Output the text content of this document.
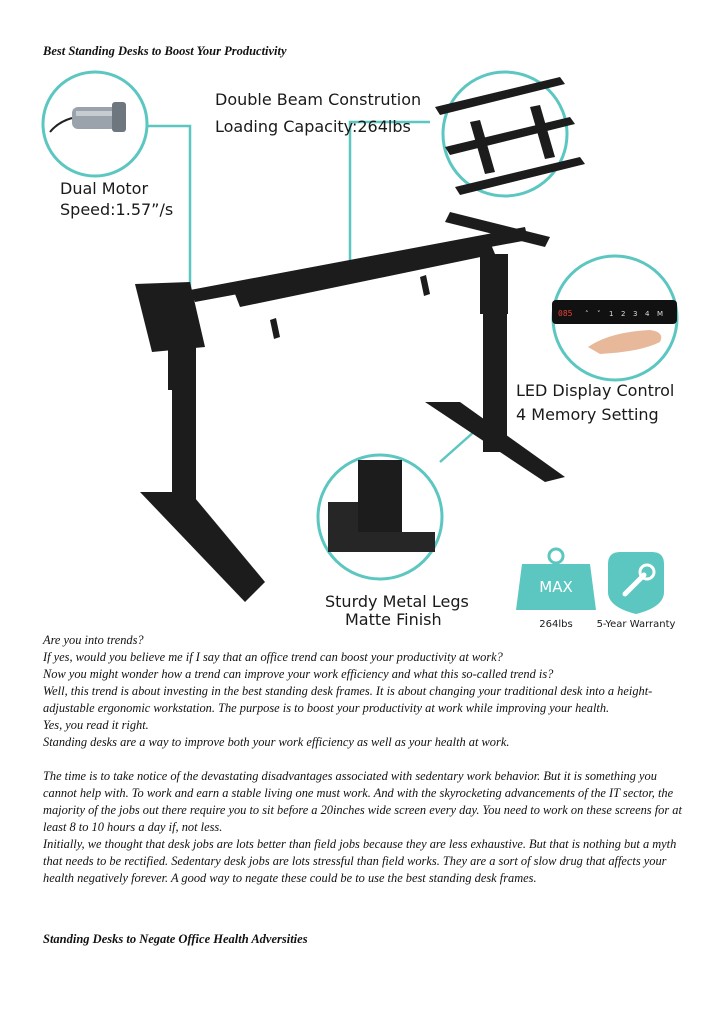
Best Standing Desks to Boost Your Productivity
085 ˄ ˅ 1 2 3 4 M
Double Beam Constrution
Loading Capacity:264lbs
Dual Motor
Speed:1.57”/s
LED Display Control
4 Memory Setting
Sturdy Metal Legs
Matte Finish
MAX
264lbs 5-Year Warranty

Are you into trends?

If yes, would you believe me if I say that an office trend can boost your productivity at work?

Now you might wonder how a trend can improve your work efficiency and what this so-called trend is?

Well, this trend is about investing in the best standing desk frames. It is about changing your traditional desk into a height-adjustable ergonomic workstation. The purpose is to boost your productivity at work while improving your health.

Yes, you read it right.

Standing desks are a way to improve both your work efficiency as well as your health at work.

The time is to take notice of the devastating disadvantages associated with sedentary work behavior. But it is something you cannot help with. To work and earn a stable living one must work. And with the skyrocketing advancements of the IT sector, the majority of the jobs out there require you to sit before a 20inches wide screen every day. You need to work on these screens for at least 8 to 10 hours a day if, not less.

Initially, we thought that desk jobs are lots better than field jobs because they are less exhaustive. But that is nothing but a myth that needs to be rectified. Sedentary desk jobs are lots stressful than field works. They are a sort of slow drug that affects your health negatively forever. A good way to negate these could be to use the best standing desk frames.

Standing Desks to Negate Office Health Adversities
